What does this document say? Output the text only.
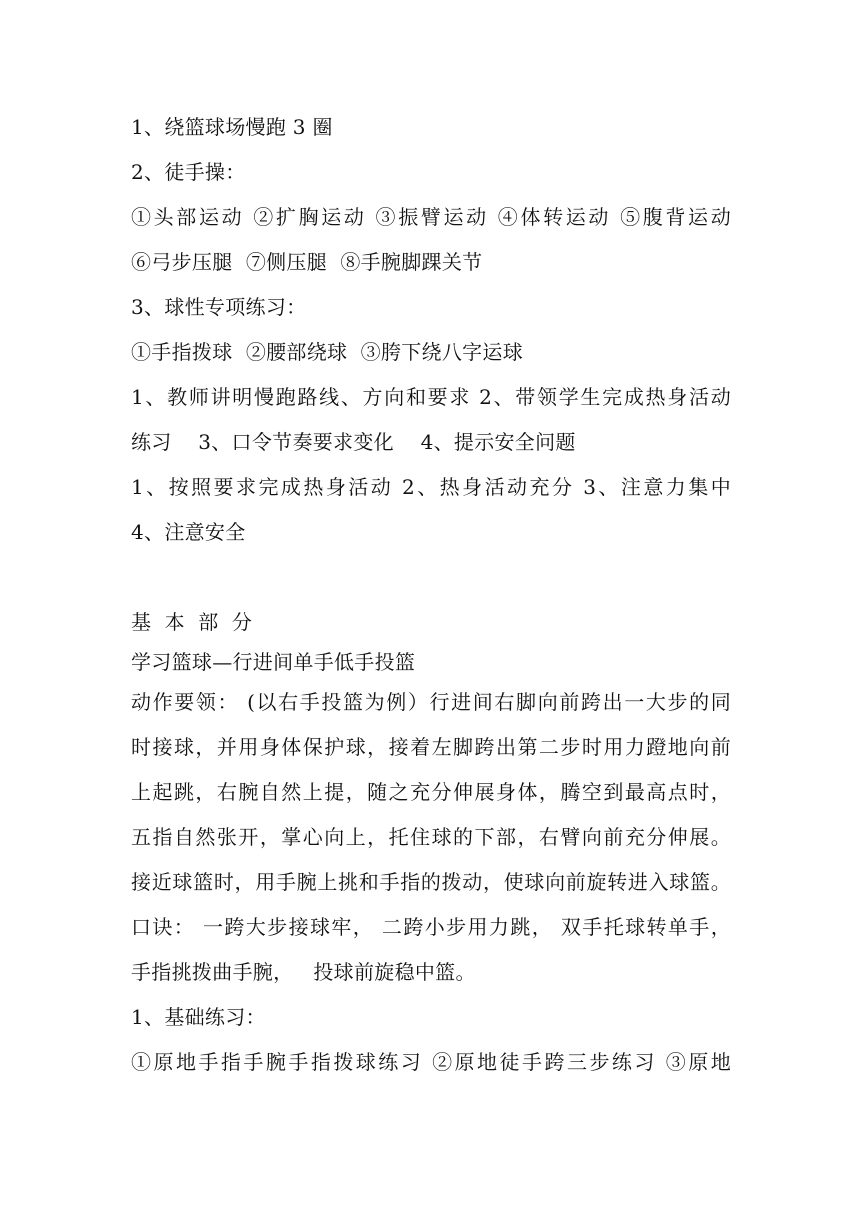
1、绕篮球场慢跑 3 圈
2、徒手操：
①头部运动 ②扩胸运动 ③振臂运动 ④体转运动 ⑤腹背运动
⑥弓步压腿  ⑦侧压腿  ⑧手腕脚踝关节
3、球性专项练习：
①手指拨球  ②腰部绕球  ③胯下绕八字运球
1、教师讲明慢跑路线、方向和要求 2、带领学生完成热身活动
练习    3、口令节奏要求变化    4、提示安全问题
1、按照要求完成热身活动 2、热身活动充分 3、注意力集中
4、注意安全
基  本  部  分
学习篮球—行进间单手低手投篮
动作要领： (以右手投篮为例）行进间右脚向前跨出一大步的同
时接球，并用身体保护球，接着左脚跨出第二步时用力蹬地向前
上起跳，右腕自然上提，随之充分伸展身体，腾空到最高点时，
五指自然张开，掌心向上，托住球的下部，右臂向前充分伸展。
接近球篮时，用手腕上挑和手指的拨动，使球向前旋转进入球篮。
口诀： 一跨大步接球牢， 二跨小步用力跳， 双手托球转单手，
手指挑拨曲手腕，   投球前旋稳中篮。
1、基础练习：
①原地手指手腕手指拨球练习 ②原地徒手跨三步练习 ③原地
